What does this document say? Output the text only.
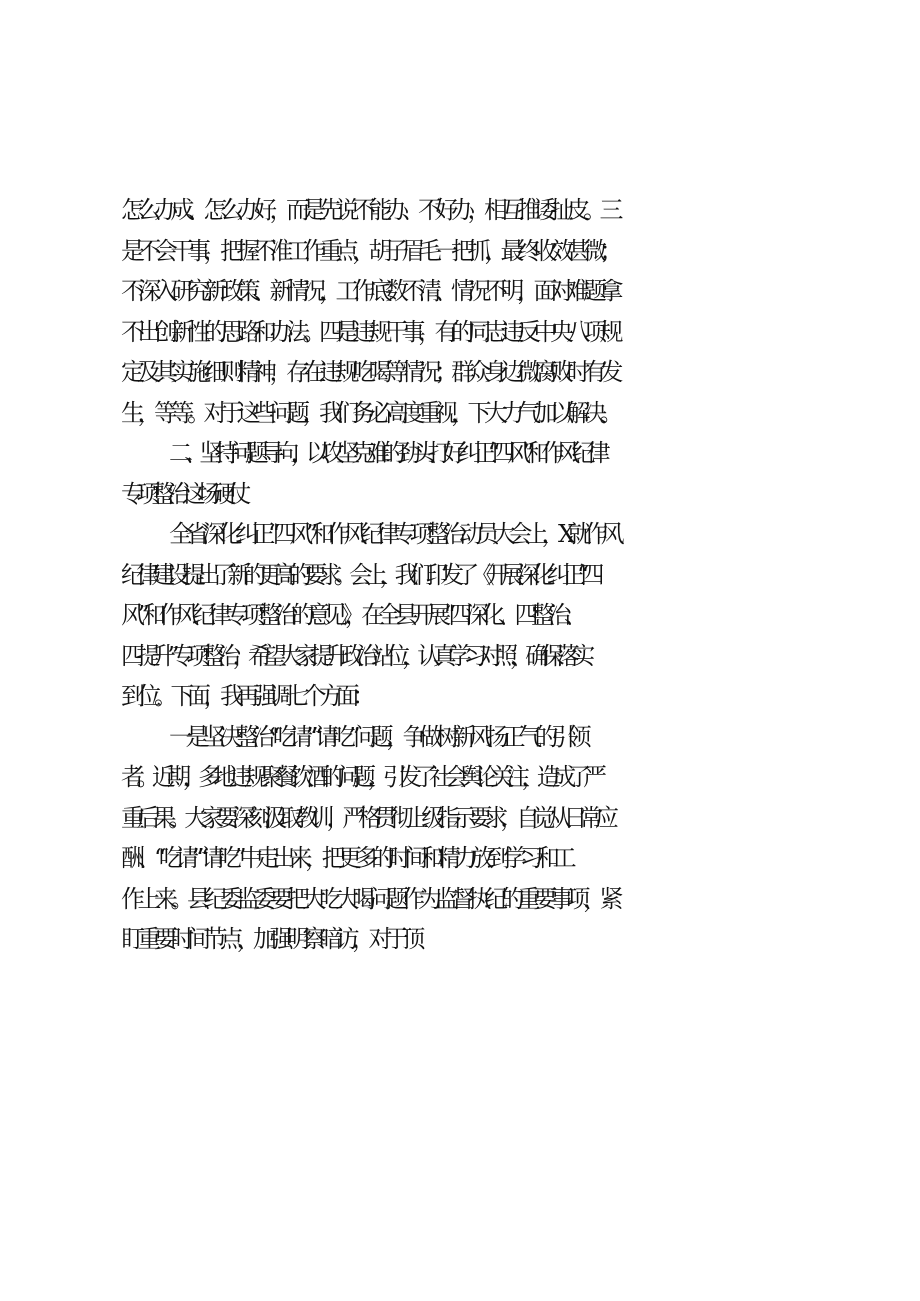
怎么办成、怎么办好，而是先说不能办、不好办，相互推诿扯皮。三
是不会干事，把握不准工作重点，胡子眉毛一把抓，最终收效甚微；
不深入研究新政策、新情况，工作底数不清、情况不明，面对难题拿
不出创新性的思路和办法。四是违规干事，有的同志违反中央八项规
定及其实施细则精神，存在违规吃喝等情况；群众身边微腐败时有发
生，等等。对于这些问题，我们务必高度重视，下大力气加以解决。
二、坚持问题导向，以攻坚克难的劲头打好纠正“四风”和作风纪律
专项整治这场硬仗
全省深化纠正“四风”和作风纪律专项整治动员大会上，X就作风
纪律建设提出了新的更高的要求。会上，我们印发了《开展深化纠正“四
风”和作风纪律专项整治的意见》，在全县开展“四深化、四整治、
四提升”专项整治，希望大家提升政治站位，认真学习对照，确保落实
到位。下面，我再强调七个方面：
一是坚决整治“吃请”“请吃”问题，争做树新风扬正气的引领
者。近期，多地违规聚餐饮酒的问题，引发了社会舆论关注，造成了严
重后果。大家要深刻汲取教训，严格贯彻上级指示要求，自觉从日常应
酬、“吃请”“请吃”中走出来，把更多的时间和精力放到学习和工
作上来。县纪委监委要把大吃大喝问题作为监督执纪的重要事项，紧
盯重要时间节点，加强明察暗访，对于顶
